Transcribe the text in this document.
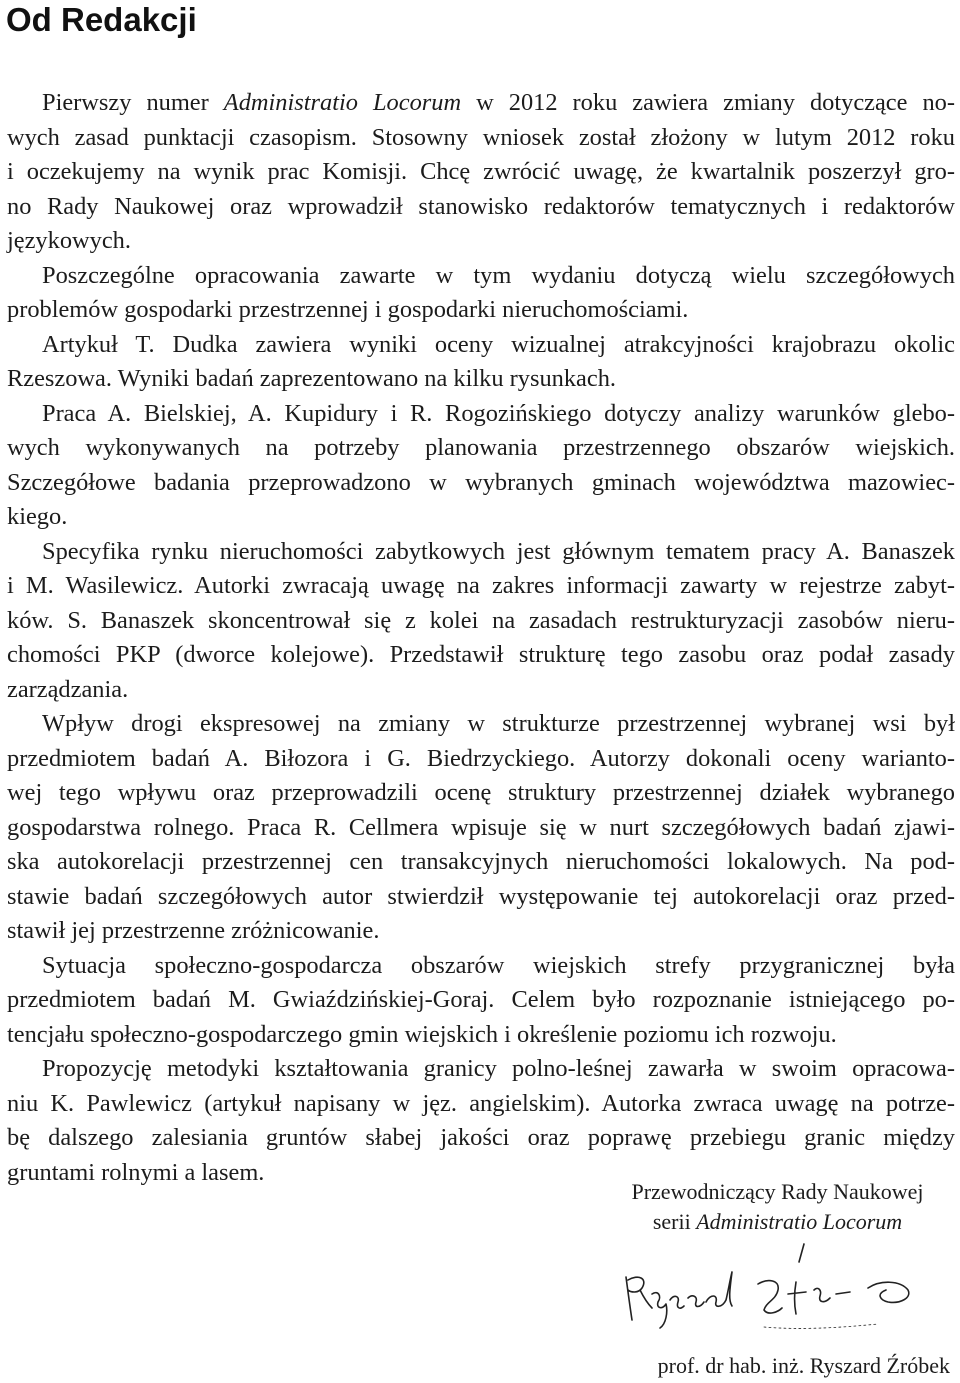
Od Redakcji

Pierwszy numer Administratio Locorum w 2012 roku zawiera zmiany dotyczące no-
wych zasad punktacji czasopism. Stosowny wniosek został złożony w lutym 2012 roku
i oczekujemy na wynik prac Komisji. Chcę zwrócić uwagę, że kwartalnik poszerzył gro-
no Rady Naukowej oraz wprowadził stanowisko redaktorów tematycznych i redaktorów
językowych.

Poszczególne opracowania zawarte w tym wydaniu dotyczą wielu szczegółowych
problemów gospodarki przestrzennej i gospodarki nieruchomościami.

Artykuł T. Dudka zawiera wyniki oceny wizualnej atrakcyjności krajobrazu okolic
Rzeszowa. Wyniki badań zaprezentowano na kilku rysunkach.

Praca A. Bielskiej, A. Kupidury i R. Rogozińskiego dotyczy analizy warunków glebo-
wych wykonywanych na potrzeby planowania przestrzennego obszarów wiejskich.
Szczegółowe badania przeprowadzono w wybranych gminach województwa mazowiec-
kiego.

Specyfika rynku nieruchomości zabytkowych jest głównym tematem pracy A. Banaszek
i M. Wasilewicz. Autorki zwracają uwagę na zakres informacji zawarty w rejestrze zabyt-
ków. S. Banaszek skoncentrował się z kolei na zasadach restrukturyzacji zasobów nieru-
chomości PKP (dworce kolejowe). Przedstawił strukturę tego zasobu oraz podał zasady
zarządzania.

Wpływ drogi ekspresowej na zmiany w strukturze przestrzennej wybranej wsi był
przedmiotem badań A. Biłozora i G. Biedrzyckiego. Autorzy dokonali oceny warianto-
wej tego wpływu oraz przeprowadzili ocenę struktury przestrzennej działek wybranego
gospodarstwa rolnego. Praca R. Cellmera wpisuje się w nurt szczegółowych badań zjawi-
ska autokorelacji przestrzennej cen transakcyjnych nieruchomości lokalowych. Na pod-
stawie badań szczegółowych autor stwierdził występowanie tej autokorelacji oraz przed-
stawił jej przestrzenne zróżnicowanie.

Sytuacja społeczno-gospodarcza obszarów wiejskich strefy przygranicznej była
przedmiotem badań M. Gwiaździńskiej-Goraj. Celem było rozpoznanie istniejącego po-
tencjału społeczno-gospodarczego gmin wiejskich i określenie poziomu ich rozwoju.

Propozycję metodyki kształtowania granicy polno-leśnej zawarła w swoim opracowa-
niu K. Pawlewicz (artykuł napisany w jęz. angielskim). Autorka zwraca uwagę na potrze-
bę dalszego zalesiania gruntów słabej jakości oraz poprawę przebiegu granic między
gruntami rolnymi a lasem.

Przewodniczący Rady Naukowej
serii Administratio Locorum
prof. dr hab. inż. Ryszard Źróbek
